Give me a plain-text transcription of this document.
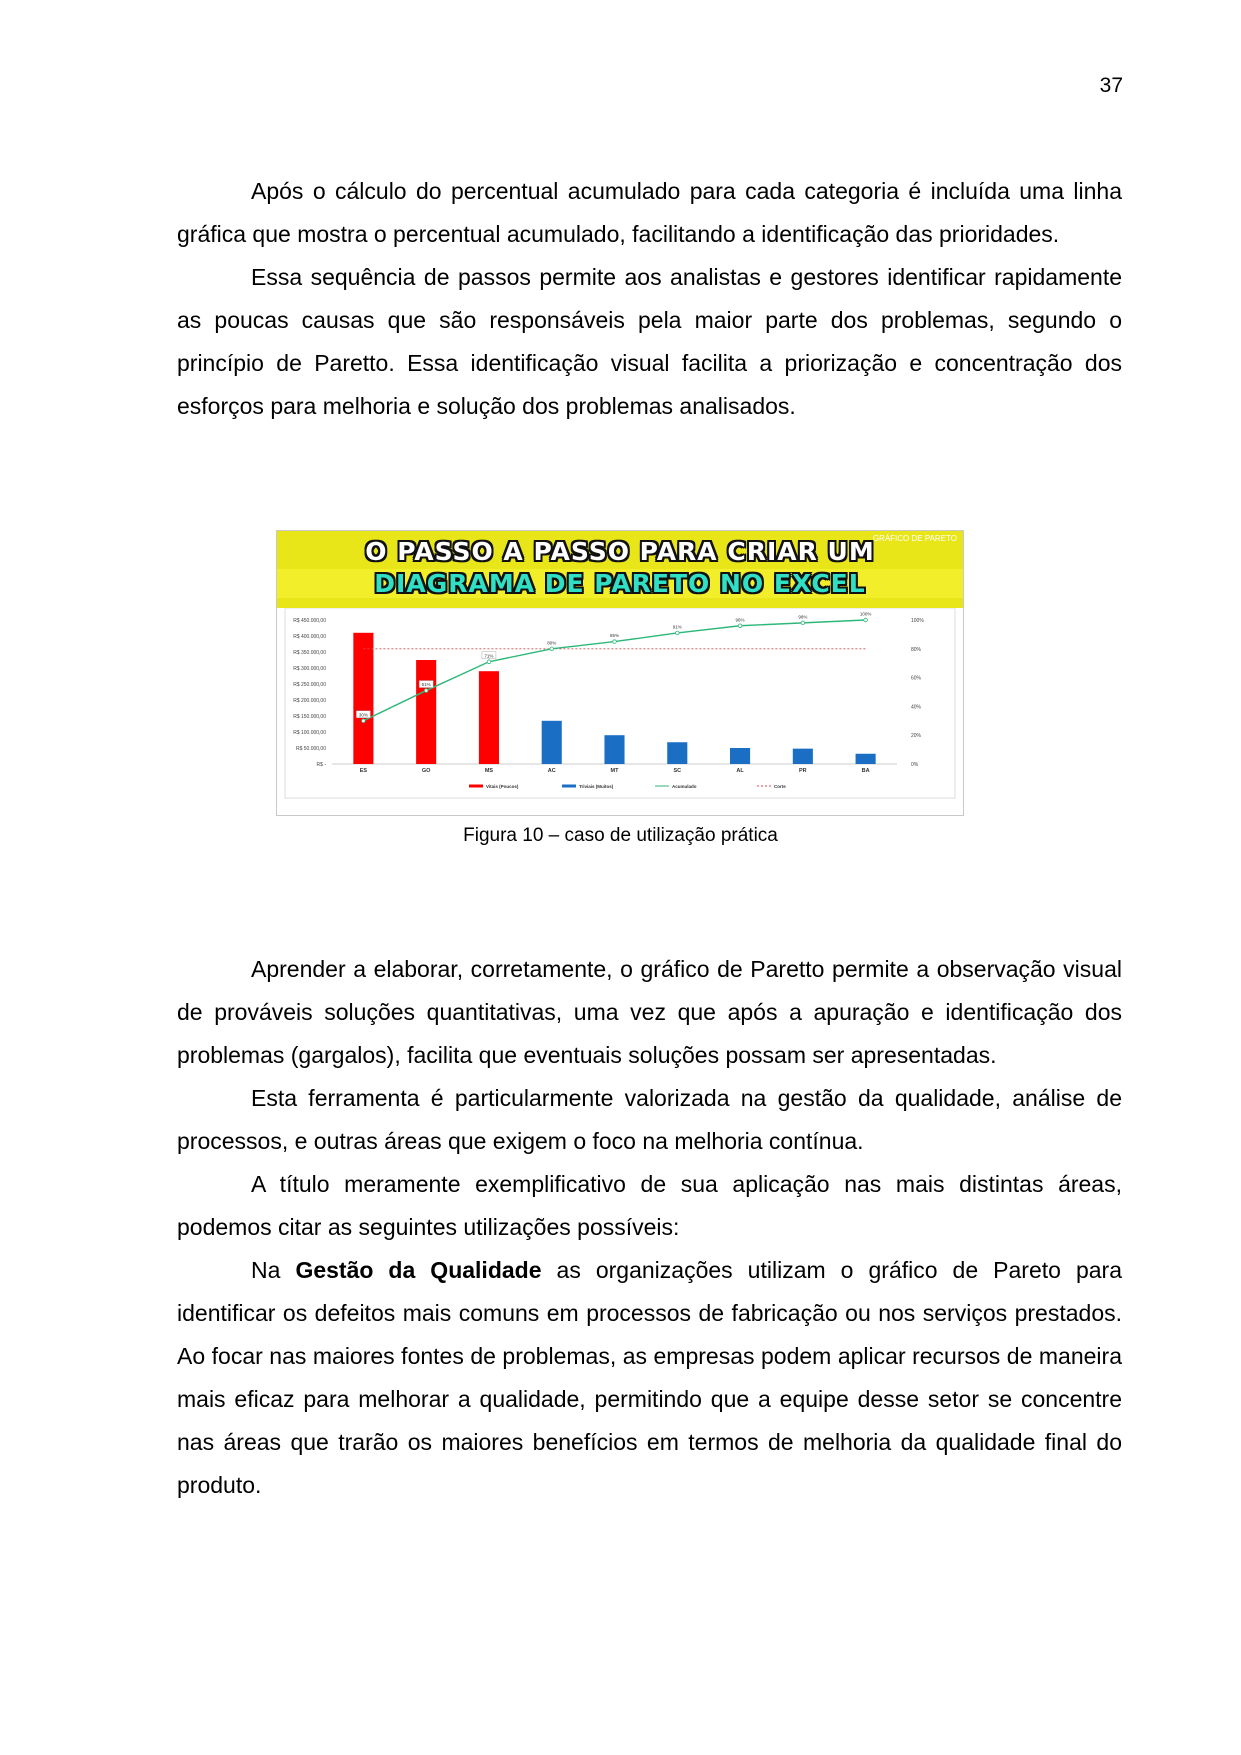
37

Após o cálculo do percentual acumulado para cada categoria é incluída uma linha gráfica que mostra o percentual acumulado, facilitando a identificação das prioridades.

Essa sequência de passos permite aos analistas e gestores identificar rapidamente as poucas causas que são responsáveis pela maior parte dos problemas, segundo o princípio de Paretto. Essa identificação visual facilita a priorização e concentração dos esforços para melhoria e solução dos problemas analisados.

GRÁFICO DE PARETO
O PASSO A PASSO PARA CRIAR UM
DIAGRAMA DE PARETO NO EXCEL
R$ -
R$ 50.000,00
R$ 100.000,00
R$ 150.000,00
R$ 200.000,00
R$ 250.000,00
R$ 300.000,00
R$ 350.000,00
R$ 400.000,00
R$ 450.000,00
0%
20%
40%
60%
80%
100%
30%
51%
71%
80%
85%
91%
96%
98%
100%
ES	GO	MS	AC	MT	SC	AL	PR	BA
Vitais (Poucos)	Triviais (Muitos)	Acumulado	Corte
Figura 10 – caso de utilização prática

Aprender a elaborar, corretamente, o gráfico de Paretto permite a observação visual de prováveis soluções quantitativas, uma vez que após a apuração e identificação dos problemas (gargalos), facilita que eventuais soluções possam ser apresentadas.

Esta ferramenta é particularmente valorizada na gestão da qualidade, análise de processos, e outras áreas que exigem o foco na melhoria contínua.

A título meramente exemplificativo de sua aplicação nas mais distintas áreas, podemos citar as seguintes utilizações possíveis:

Na Gestão da Qualidade as organizações utilizam o gráfico de Pareto para identificar os defeitos mais comuns em processos de fabricação ou nos serviços prestados. Ao focar nas maiores fontes de problemas, as empresas podem aplicar recursos de maneira mais eficaz para melhorar a qualidade, permitindo que a equipe desse setor se concentre nas áreas que trarão os maiores benefícios em termos de melhoria da qualidade final do produto.
